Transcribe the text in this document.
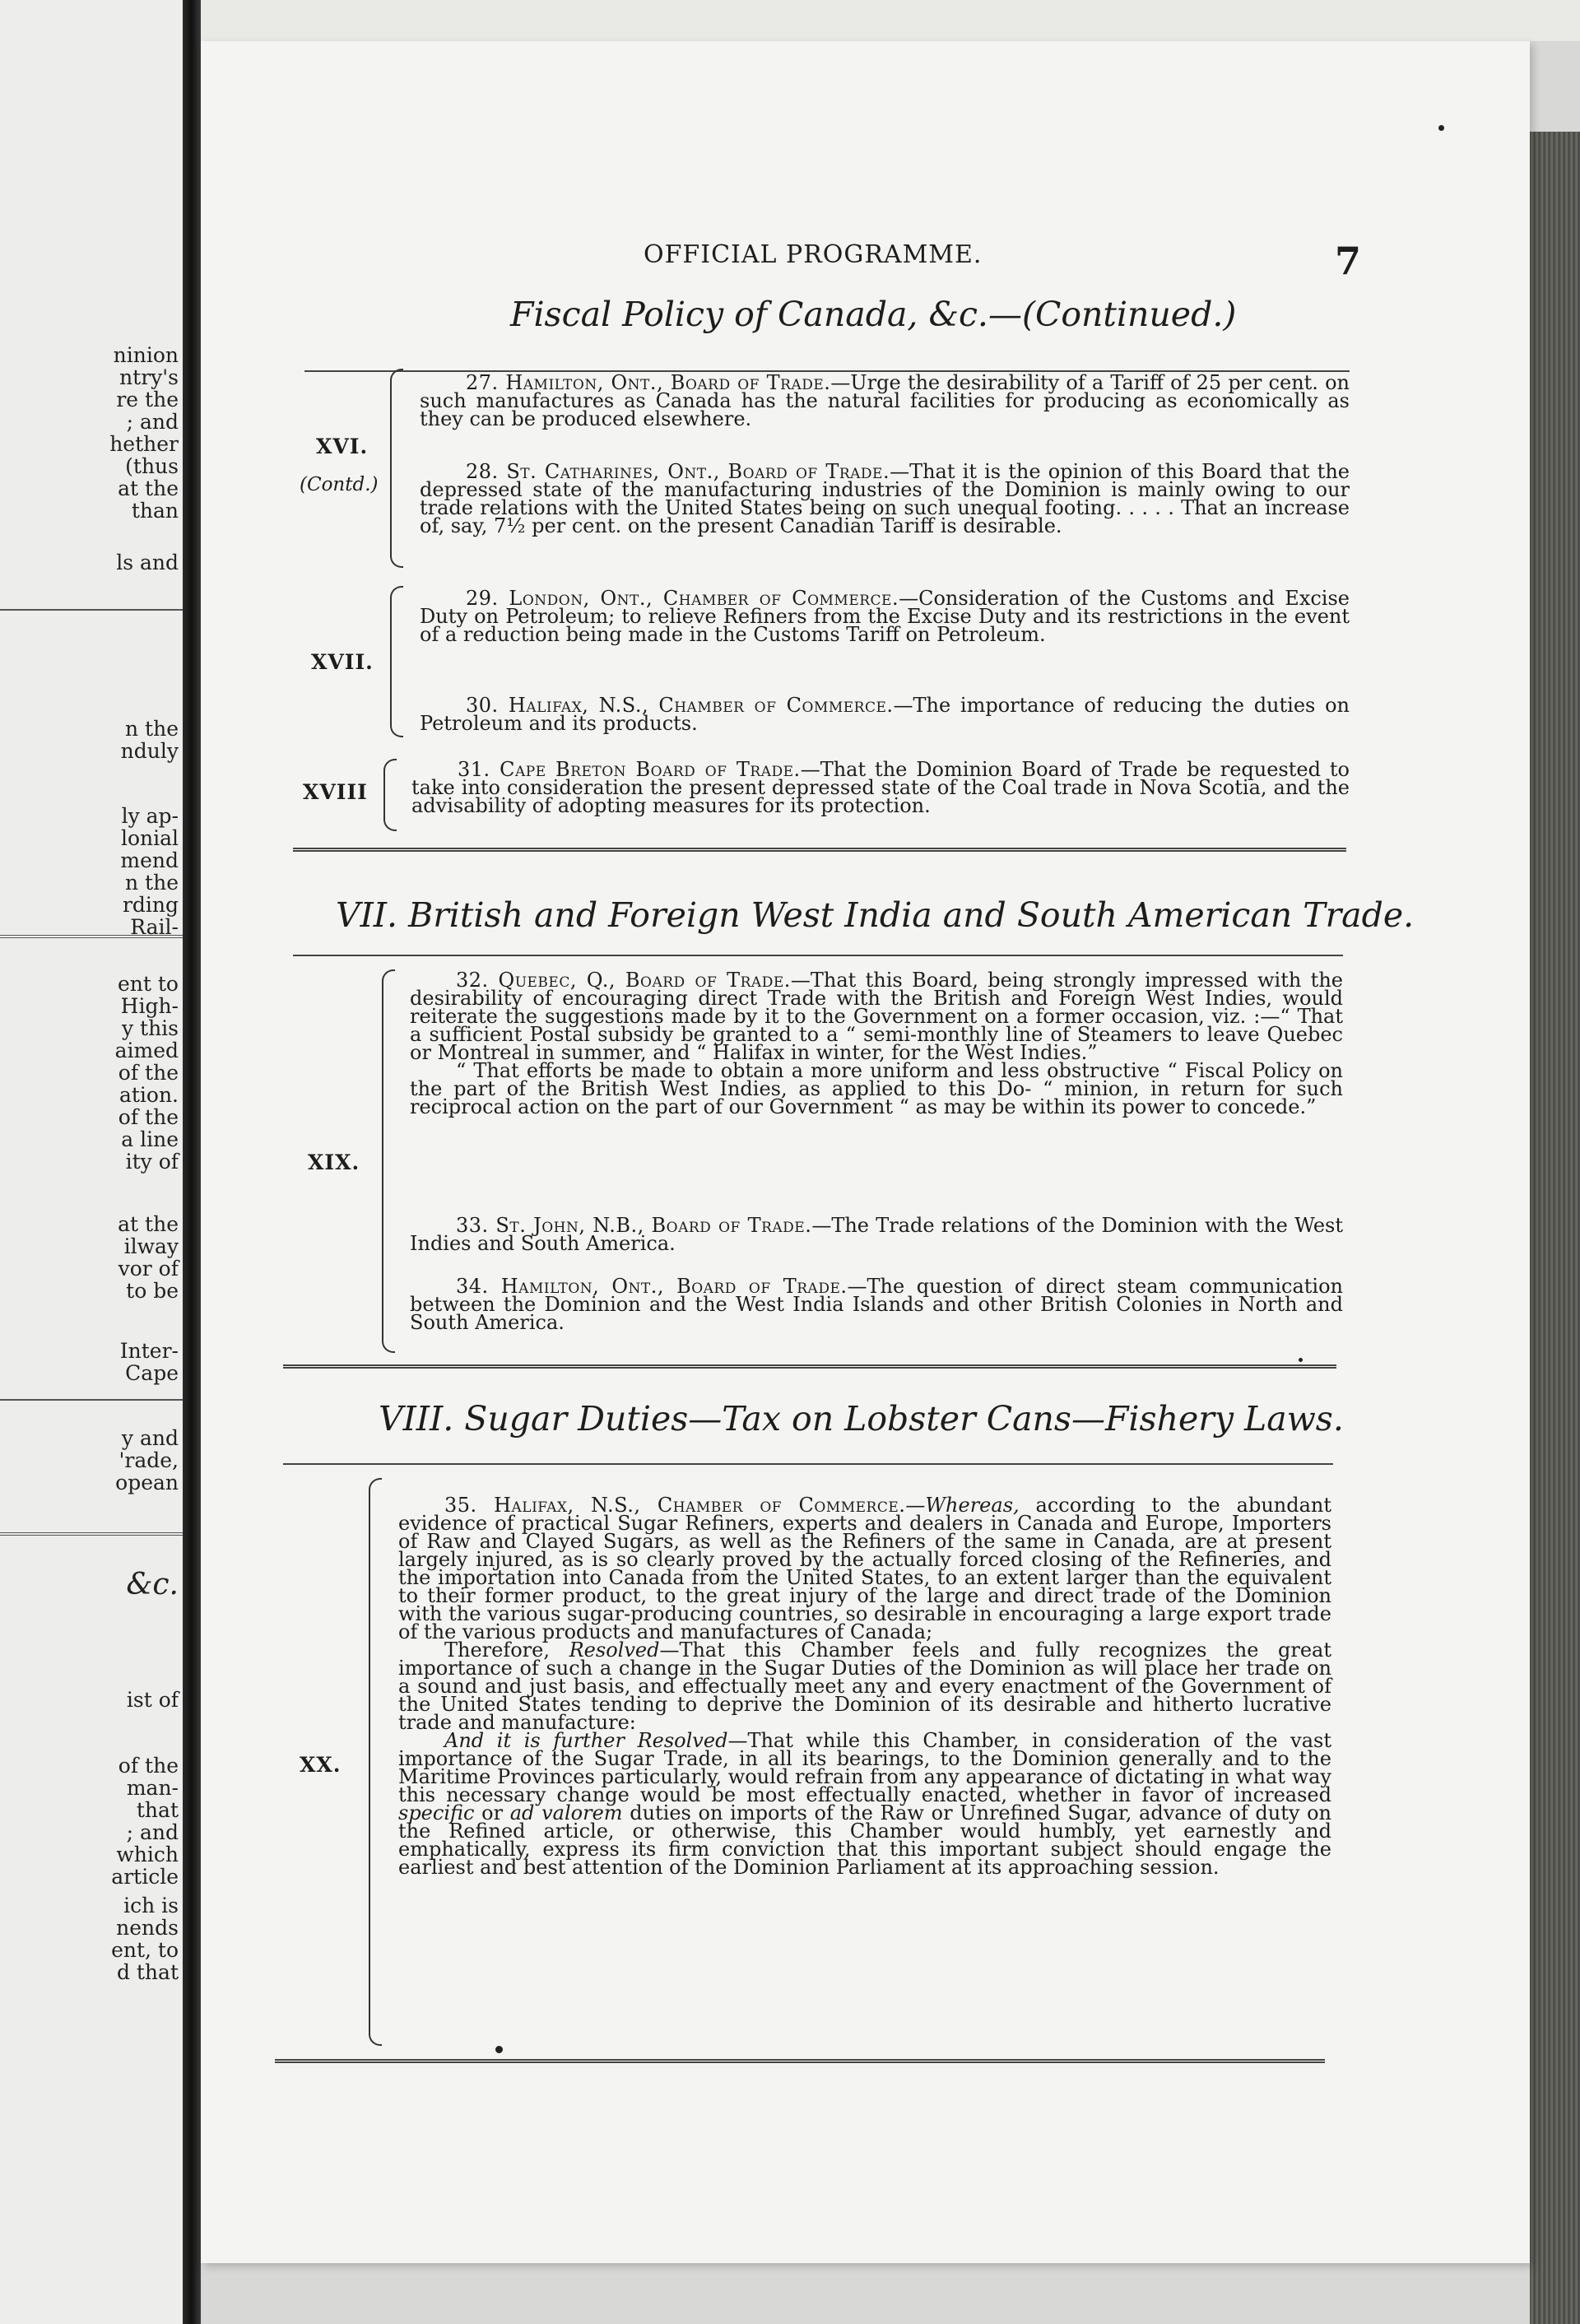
ninion
ntry's
re the
; and
hether
(thus
at the
than
ls and
n the
nduly
ly ap-
lonial
mend
n the
rding
Rail-
ent to
High-
y this
aimed
of the
ation.
of the
a line
ity of
at the
ilway
vor of
to be
Inter-
Cape
y and
'rade,
opean
&c.
ist of
of the
man-
that
; and
which
article
ich is
nends
ent, to
d that
OFFICIAL PROGRAMME.	7
Fiscal Policy of Canada, &c.—(Continued.)
XVI.
(Contd.)

27. Hamilton, Ont., Board of Trade.—Urge the desirability of a Tariff of 25 per cent. on such manufactures as Canada has the natural facilities for producing as economically as they can be produced elsewhere.

28. St. Catharines, Ont., Board of Trade.—That it is the opinion of this Board that the depressed state of the manufacturing industries of the Dominion is mainly owing to our trade relations with the United States being on such unequal footing. . . . . That an increase of, say, 7½ per cent. on the present Canadian Tariff is desirable.

XVII.

29. London, Ont., Chamber of Commerce.—Consideration of the Customs and Excise Duty on Petroleum; to relieve Refiners from the Excise Duty and its restrictions in the event of a reduction being made in the Customs Tariff on Petroleum.

30. Halifax, N.S., Chamber of Commerce.—The importance of reducing the duties on Petroleum and its products.

XVIII

31. Cape Breton Board of Trade.—That the Dominion Board of Trade be requested to take into consideration the present depressed state of the Coal trade in Nova Scotia, and the advisability of adopting measures for its protection.

VII. British and Foreign West India and South American Trade.
XIX.

32. Quebec, Q., Board of Trade.—That this Board, being strongly impressed with the desirability of encouraging direct Trade with the British and Foreign West Indies, would reiterate the suggestions made by it to the Government on a former occasion, viz. :—“ That a sufficient Postal subsidy be granted to a “ semi-monthly line of Steamers to leave Quebec or Montreal in summer, and “ Halifax in winter, for the West Indies.”

“ That efforts be made to obtain a more uniform and less obstructive “ Fiscal Policy on the part of the British West Indies, as applied to this Do- “ minion, in return for such reciprocal action on the part of our Government “ as may be within its power to concede.”

33. St. John, N.B., Board of Trade.—The Trade relations of the Dominion with the West Indies and South America.

34. Hamilton, Ont., Board of Trade.—The question of direct steam communication between the Dominion and the West India Islands and other British Colonies in North and South America.

VIII. Sugar Duties—Tax on Lobster Cans—Fishery Laws.
XX.

35. Halifax, N.S., Chamber of Commerce.—Whereas, according to the abundant evidence of practical Sugar Refiners, experts and dealers in Canada and Europe, Importers of Raw and Clayed Sugars, as well as the Refiners of the same in Canada, are at present largely injured, as is so clearly proved by the actually forced closing of the Refineries, and the importation into Canada from the United States, to an extent larger than the equivalent to their former product, to the great injury of the large and direct trade of the Dominion with the various sugar-producing countries, so desirable in encouraging a large export trade of the various products and manufactures of Canada;

Therefore, Resolved—That this Chamber feels and fully recognizes the great importance of such a change in the Sugar Duties of the Dominion as will place her trade on a sound and just basis, and effectually meet any and every enactment of the Government of the United States tending to deprive the Dominion of its desirable and hitherto lucrative trade and manufacture:

And it is further Resolved—That while this Chamber, in consideration of the vast importance of the Sugar Trade, in all its bearings, to the Dominion generally and to the Maritime Provinces particularly, would refrain from any appearance of dictating in what way this necessary change would be most effectually enacted, whether in favor of increased specific or ad valorem duties on imports of the Raw or Unrefined Sugar, advance of duty on the Refined article, or otherwise, this Chamber would humbly, yet earnestly and emphatically, express its firm conviction that this important subject should engage the earliest and best attention of the Dominion Parliament at its approaching session.
